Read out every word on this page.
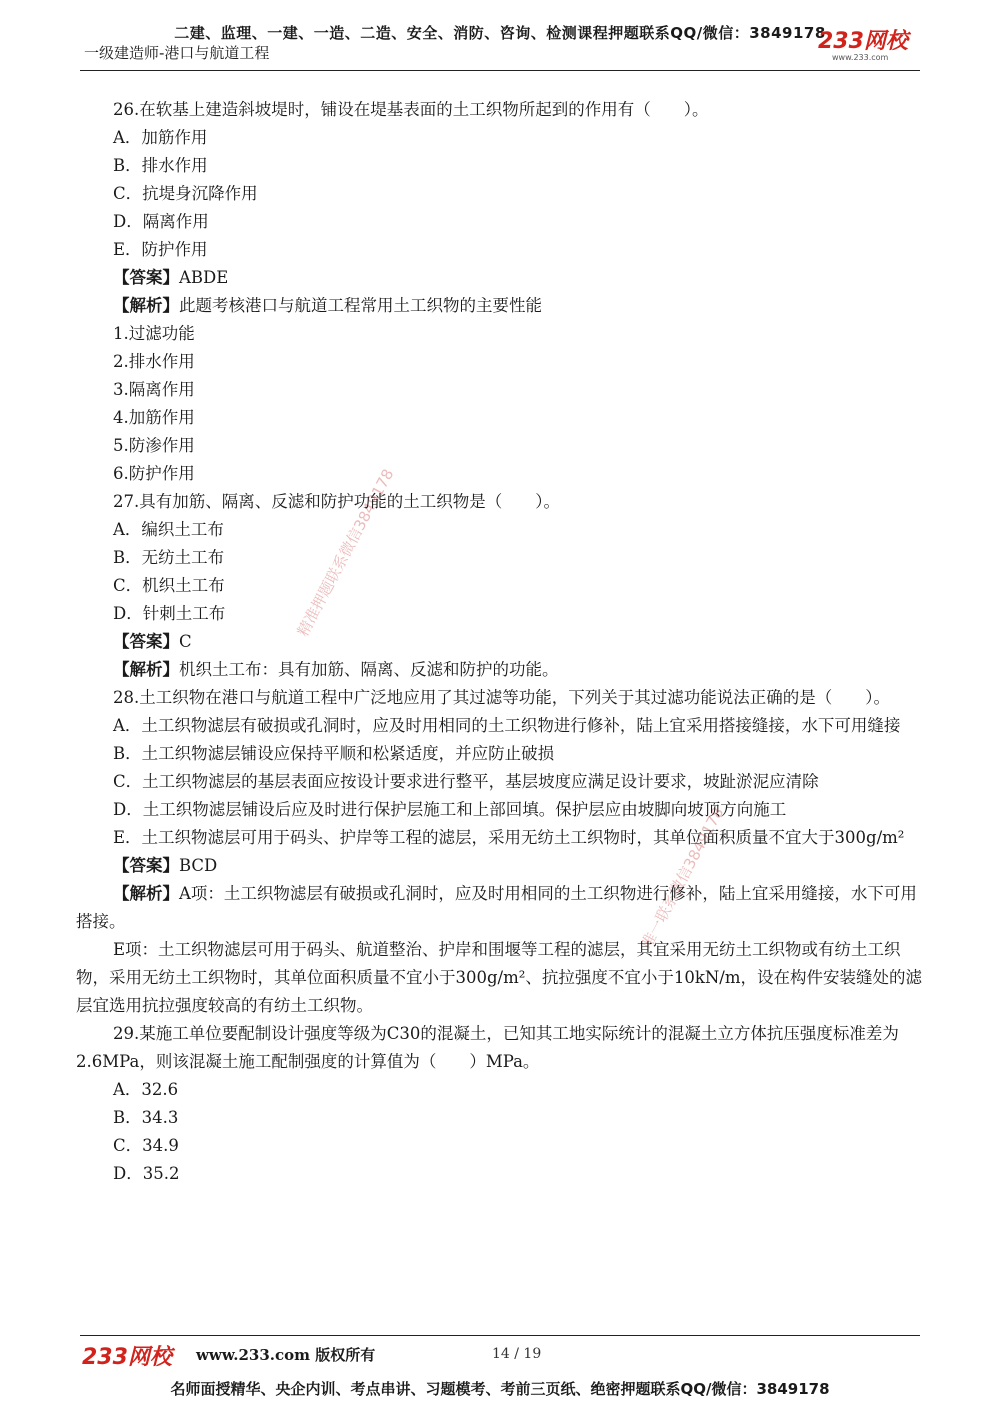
二建、监理、一建、一造、二造、安全、消防、咨询、检测课程押题联系QQ/微信：3849178
一级建造师-港口与航道工程	233网校
www.233.com
精准押题联系微信3849178
唯一联系微信3849178
26.在软基上建造斜坡堤时，铺设在堤基表面的土工织物所起到的作用有（　　）。
A．加筋作用
B．排水作用
C．抗堤身沉降作用
D．隔离作用
E．防护作用
【答案】ABDE
【解析】此题考核港口与航道工程常用土工织物的主要性能
1.过滤功能
2.排水作用
3.隔离作用
4.加筋作用
5.防渗作用
6.防护作用
27.具有加筋、隔离、反滤和防护功能的土工织物是（　　）。
A．编织土工布
B．无纺土工布
C．机织土工布
D．针刺土工布
【答案】C
【解析】机织土工布：具有加筋、隔离、反滤和防护的功能。
28.土工织物在港口与航道工程中广泛地应用了其过滤等功能，下列关于其过滤功能说法正确的是（　　）。
A．土工织物滤层有破损或孔洞时，应及时用相同的土工织物进行修补，陆上宜采用搭接缝接，水下可用缝接
B．土工织物滤层铺设应保持平顺和松紧适度，并应防止破损
C．土工织物滤层的基层表面应按设计要求进行整平，基层坡度应满足设计要求，坡趾淤泥应清除
D．土工织物滤层铺设后应及时进行保护层施工和上部回填。保护层应由坡脚向坡顶方向施工
E．土工织物滤层可用于码头、护岸等工程的滤层，采用无纺土工织物时，其单位面积质量不宜大于300g/m²
【答案】BCD
【解析】A项：土工织物滤层有破损或孔洞时，应及时用相同的土工织物进行修补，陆上宜采用缝接，水下可用搭接。
E项：土工织物滤层可用于码头、航道整治、护岸和围堰等工程的滤层，其宜采用无纺土工织物或有纺土工织物，采用无纺土工织物时，其单位面积质量不宜小于300g/m²、抗拉强度不宜小于10kN/m，设在构件安装缝处的滤层宜选用抗拉强度较高的有纺土工织物。
29.某施工单位要配制设计强度等级为C30的混凝土，已知其工地实际统计的混凝土立方体抗压强度标准差为2.6MPa，则该混凝土施工配制强度的计算值为（　　）MPa。
A．32.6
B．34.3
C．34.9
D．35.2
233网校 www.233.com 版权所有	14 / 19
名师面授精华、央企内训、考点串讲、习题模考、考前三页纸、绝密押题联系QQ/微信：3849178
